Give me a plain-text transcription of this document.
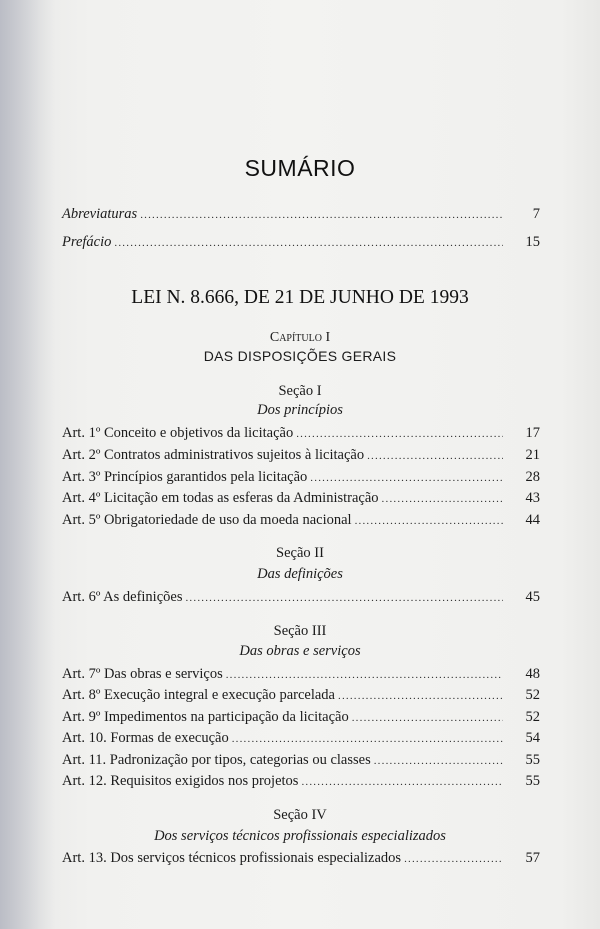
SUMÁRIO
Abreviaturas .....	7
Prefácio .....	15
LEI N. 8.666, DE 21 DE JUNHO DE 1993
Capítulo I
DAS DISPOSIÇÕES GERAIS
Seção I
Dos princípios
Art. 1º Conceito e objetivos da licitação .....	17
Art. 2º Contratos administrativos sujeitos à licitação .....	21
Art. 3º Princípios garantidos pela licitação .....	28
Art. 4º Licitação em todas as esferas da Administração .....	43
Art. 5º Obrigatoriedade de uso da moeda nacional .....	44
Seção II
Das definições
Art. 6º As definições .....	45
Seção III
Das obras e serviços
Art. 7º Das obras e serviços .....	48
Art. 8º Execução integral e execução parcelada .....	52
Art. 9º Impedimentos na participação da licitação .....	52
Art. 10. Formas de execução .....	54
Art. 11. Padronização por tipos, categorias ou classes .....	55
Art. 12. Requisitos exigidos nos projetos .....	55
Seção IV
Dos serviços técnicos profissionais especializados
Art. 13. Dos serviços técnicos profissionais especializados .....	57
